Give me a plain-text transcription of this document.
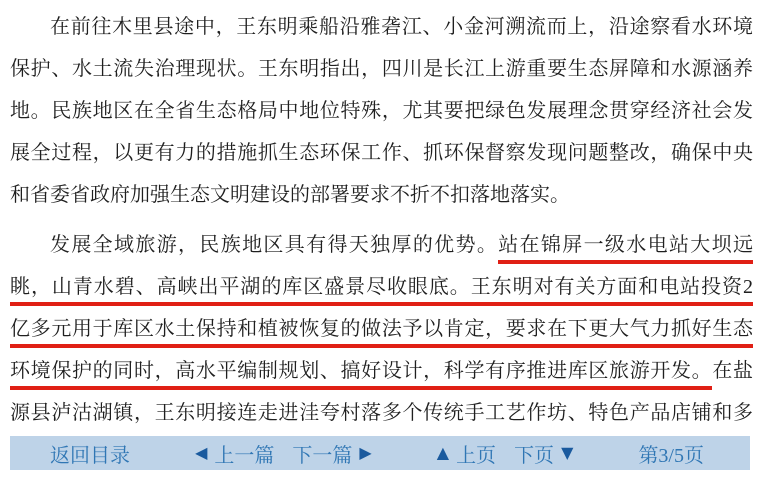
在前往木里县途中，王东明乘船沿雅砻江、小金河溯流而上，沿途察看水环境
保护、水土流失治理现状。王东明指出，四川是长江上游重要生态屏障和水源涵养
地。民族地区在全省生态格局中地位特殊，尤其要把绿色发展理念贯穿经济社会发
展全过程，以更有力的措施抓生态环保工作、抓环保督察发现问题整改，确保中央
和省委省政府加强生态文明建设的部署要求不折不扣落地落实。
发展全域旅游，民族地区具有得天独厚的优势。站在锦屏一级水电站大坝远
眺，山青水碧、高峡出平湖的库区盛景尽收眼底。王东明对有关方面和电站投资2
亿多元用于库区水土保持和植被恢复的做法予以肯定，要求在下更大气力抓好生态
环境保护的同时，高水平编制规划、搞好设计，科学有序推进库区旅游开发。在盐
源县泸沽湖镇，王东明接连走进洼夸村落多个传统手工艺作坊、特色产品店铺和多
返回目录	◀ 上一篇 下一篇 ▶	▲ 上页 下页 ▼	第3/5页
